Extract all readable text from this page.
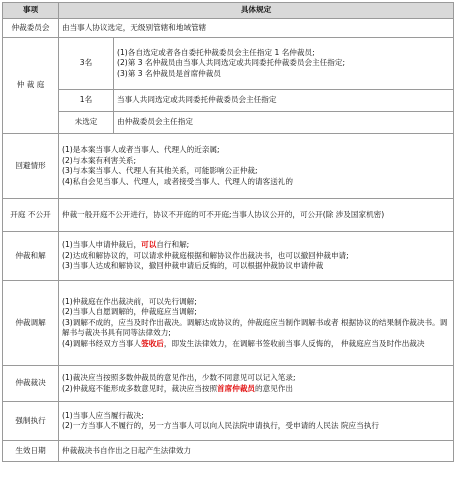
事项	具体规定	
仲裁委员会	由当事人协议选定，无级别管辖和地域管辖	
仲 裁 庭	3名	(1)各自选定或者各自委托仲裁委员会主任指定 1 名仲裁员;
(2)第 3 名仲裁员由当事人共同选定或共同委托仲裁委员会主任指定;
(3)第 3 名仲裁员是首席仲裁员

	1名	当事人共同选定或共同委托仲裁委员会主任指定
	未选定	由仲裁委员会主任指定
回避情形	(1)是本案当事人或者当事人、代理人的近亲属;
(2)与本案有利害关系;
(3)与本案当事人、代理人有其他关系，可能影响公正仲裁;
(4)私自会见当事人、代理人，或者接受当事人、代理人的请客送礼的	

开庭 不公开	仲裁一般开庭不公开进行，协议不开庭的可不开庭;当事人协议公开的，可公开(除 涉及国家机密)	
仲裁和解	(1)当事人申请仲裁后，可以自行和解;
(2)达成和解协议的，可以请求仲裁庭根据和解协议作出裁决书，也可以撤回仲裁申请;
(3)当事人达成和解协议，撤回仲裁申请后反悔的，可以根据仲裁协议申请仲裁	

仲裁调解	(1)仲裁庭在作出裁决前，可以先行调解;
(2)当事人自愿调解的，仲裁庭应当调解;
(3)调解不成的，应当及时作出裁决。调解达成协议的，仲裁庭应当制作调解书或者 根据协议的结果制作裁决书。调解书与裁决书具有同等法律效力;
(4)调解书经双方当事人签收后，即发生法律效力，在调解书签收前当事人反悔的， 仲裁庭应当及时作出裁决	

仲裁裁决	(1)裁决应当按照多数仲裁员的意见作出，少数不同意见可以记入笔录;
(2)仲裁庭不能形成多数意见时，裁决应当按照首席仲裁员的意见作出	

强制执行	(1)当事人应当履行裁决;
(2)一方当事人不履行的，另一方当事人可以向人民法院申请执行，受申请的人民法 院应当执行	

生效日期	仲裁裁决书自作出之日起产生法律效力	
